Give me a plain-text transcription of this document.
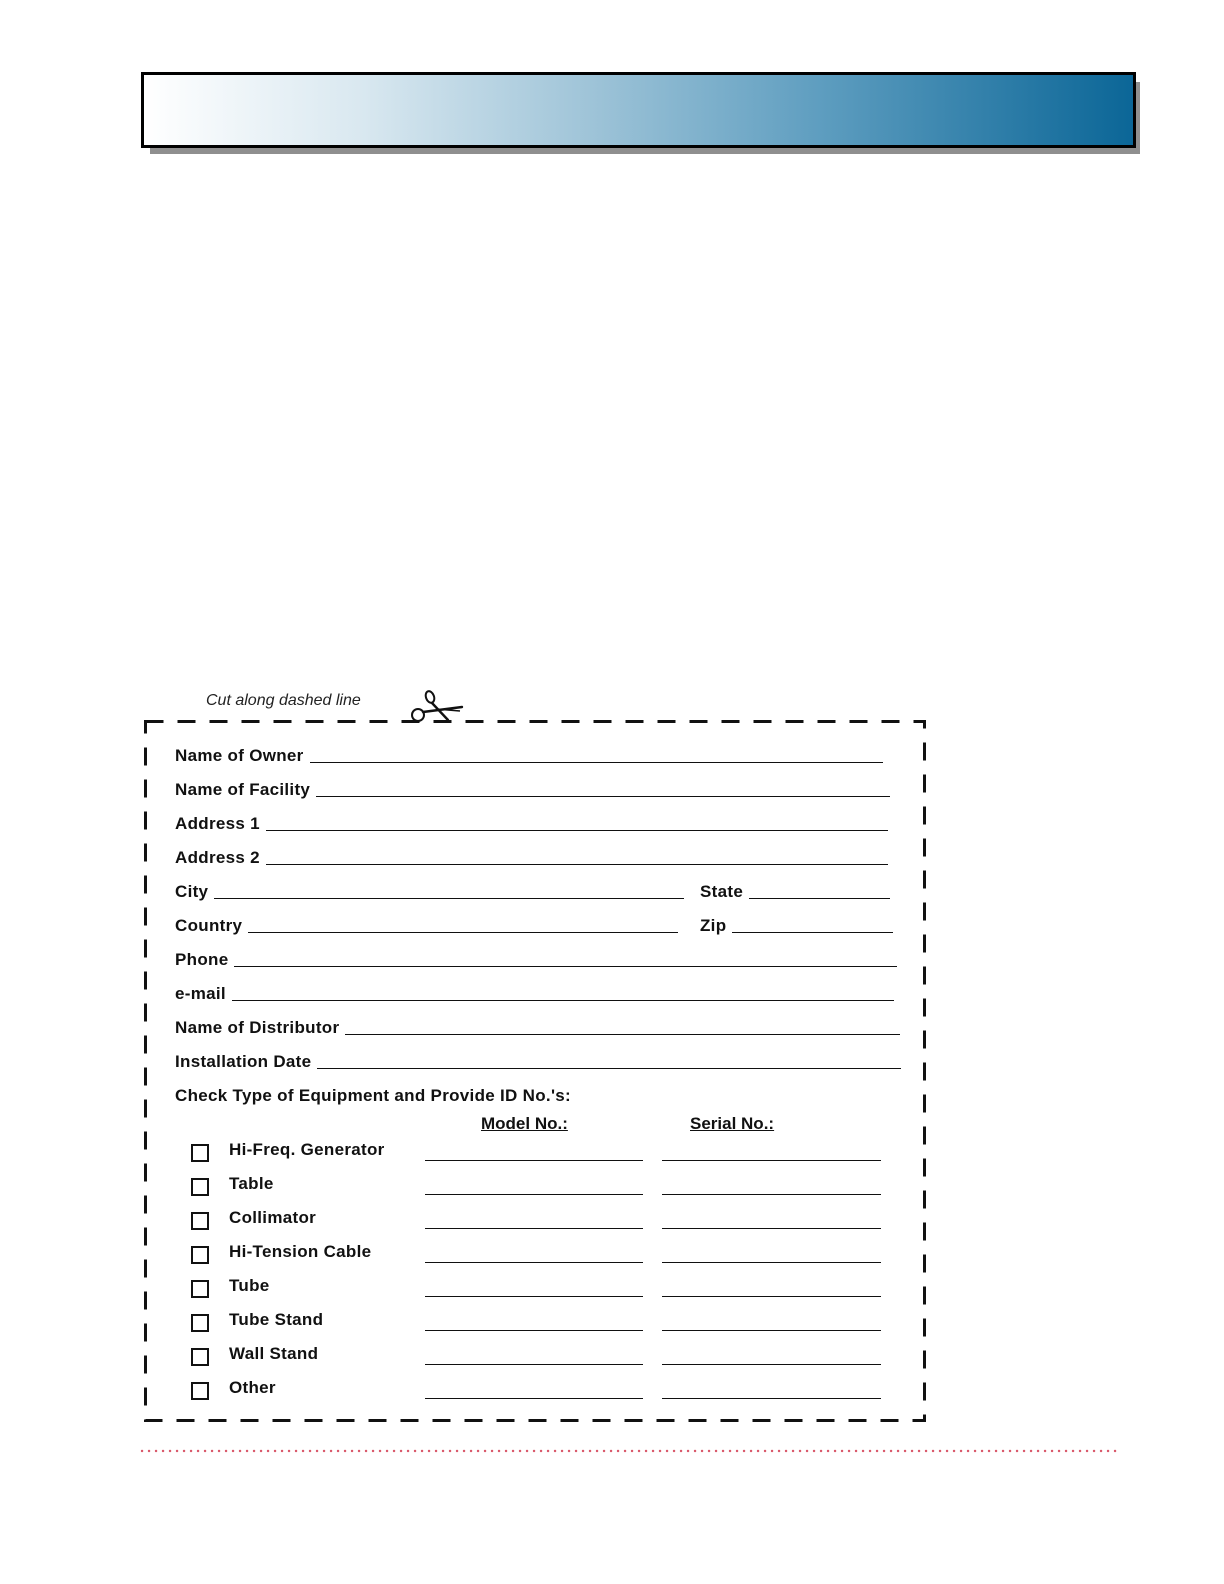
Cut along dashed line
Name of Owner
Name of Facility
Address 1
Address 2
City	State
Country	Zip
Phone
e-mail
Name of Distributor
Installation Date
Check Type of Equipment and Provide ID No.'s:
Model No.:	Serial No.:
Hi-Freq. Generator
Table
Collimator
Hi-Tension Cable
Tube
Tube Stand
Wall Stand
Other
